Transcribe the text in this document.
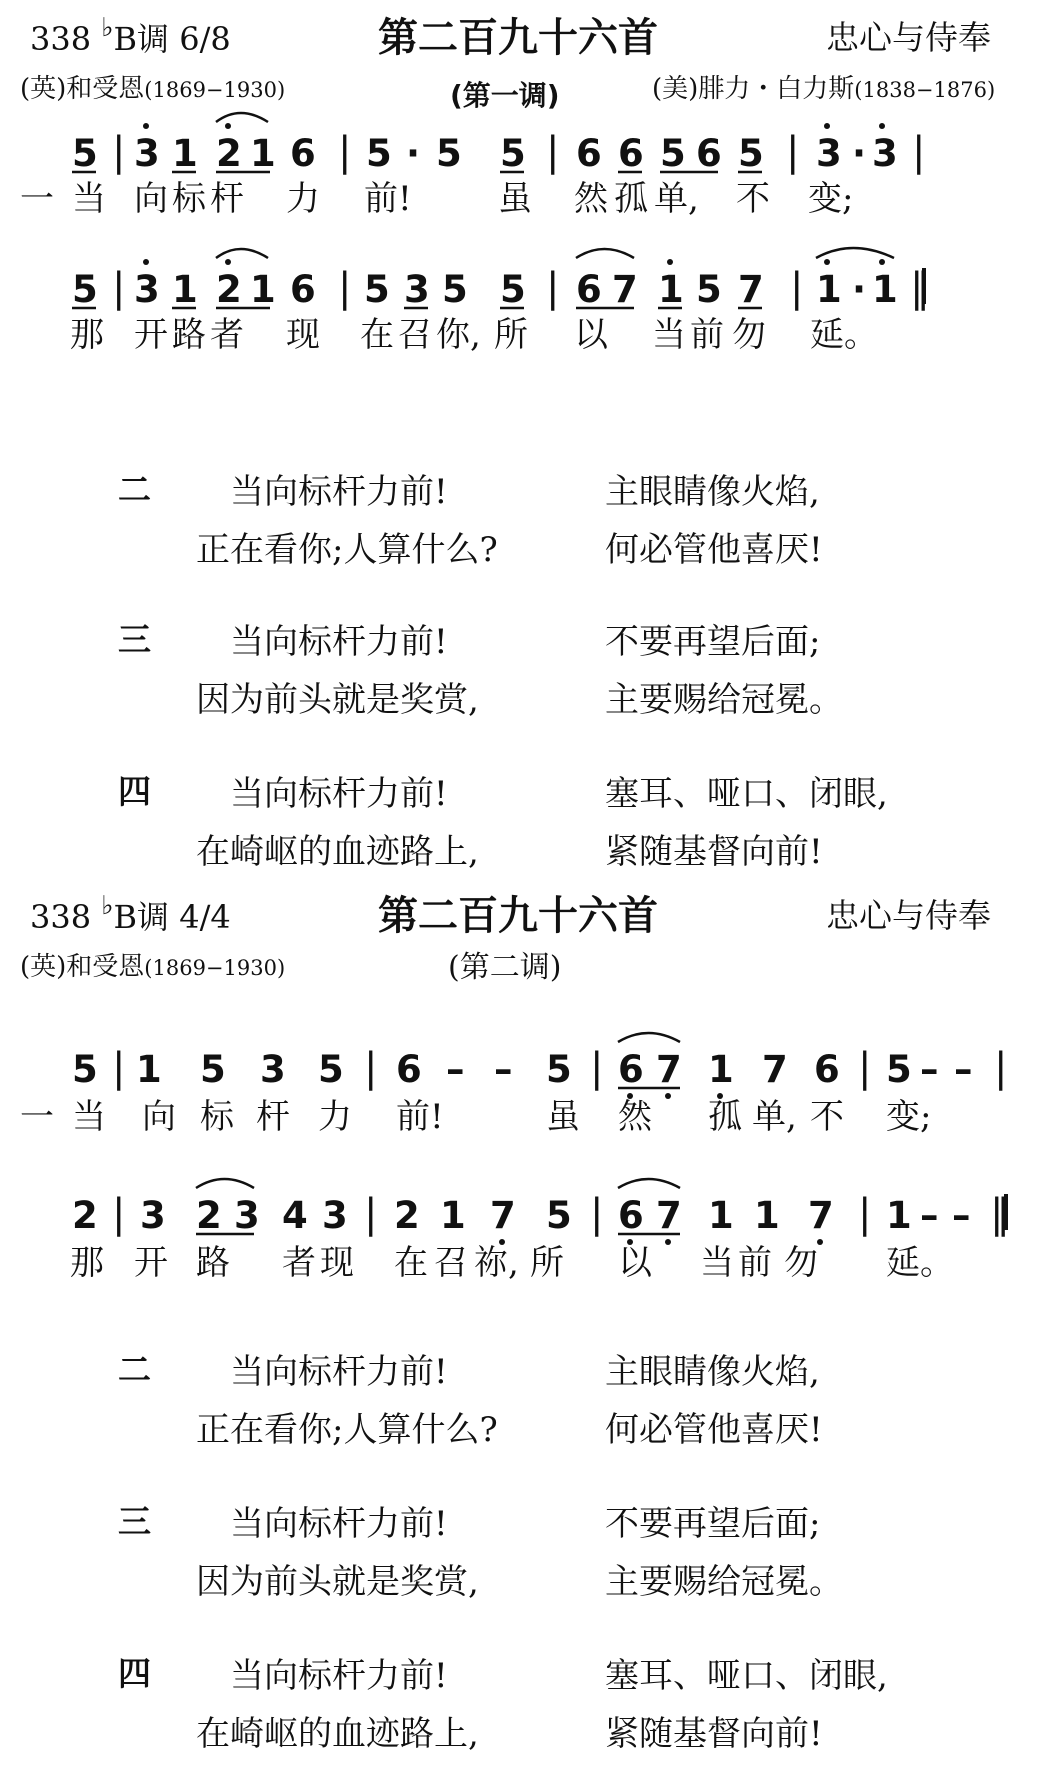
338 ♭B调 6/8	第二百九十六首	忠心与侍奉
(英)和受恩(1869−1930)	(第一调)	(美)腓力・白力斯(1838−1876)
5 | 3 1 2 1 6 | 5 · 5 5 | 6 6 5 6 5 | 3 · 3 |
一 当 向 标 杆 力 前!	虽 然 孤 单, 不 变;
5 | 3 1 2 1 6 | 5 3 5 5 | 6 7 1 5 7 | 1 · 1 ‖
那 开 路 者 现 在 召 你, 所 以 当 前 勿 延。
二 当向标杆力前!	主眼睛像火焰,
正在看你;人算什么?	何必管他喜厌!
三 当向标杆力前!	不要再望后面;
因为前头就是奖赏,	主要赐给冠冕。
四 当向标杆力前!	塞耳、哑口、闭眼,
在崎岖的血迹路上,	紧随基督向前!
338 ♭B调 4/4	第二百九十六首	忠心与侍奉
(英)和受恩(1869−1930)	(第二调)
5 | 1 5 3 5 | 6 – – 5 | 6 7 1 7 6 | 5 – – |
一 当 向 标 杆 力 前!	虽 然 孤 单, 不 变;
2 | 3 2 3 4 3 | 2 1 7 5 | 6 7 1 1 7 | 1 – – ‖
那 开 路 者 现 在 召 祢, 所 以 当 前 勿 延。
二 当向标杆力前!	主眼睛像火焰,
正在看你;人算什么?	何必管他喜厌!
三 当向标杆力前!	不要再望后面;
因为前头就是奖赏,	主要赐给冠冕。
四 当向标杆力前!	塞耳、哑口、闭眼,
在崎岖的血迹路上,	紧随基督向前!
